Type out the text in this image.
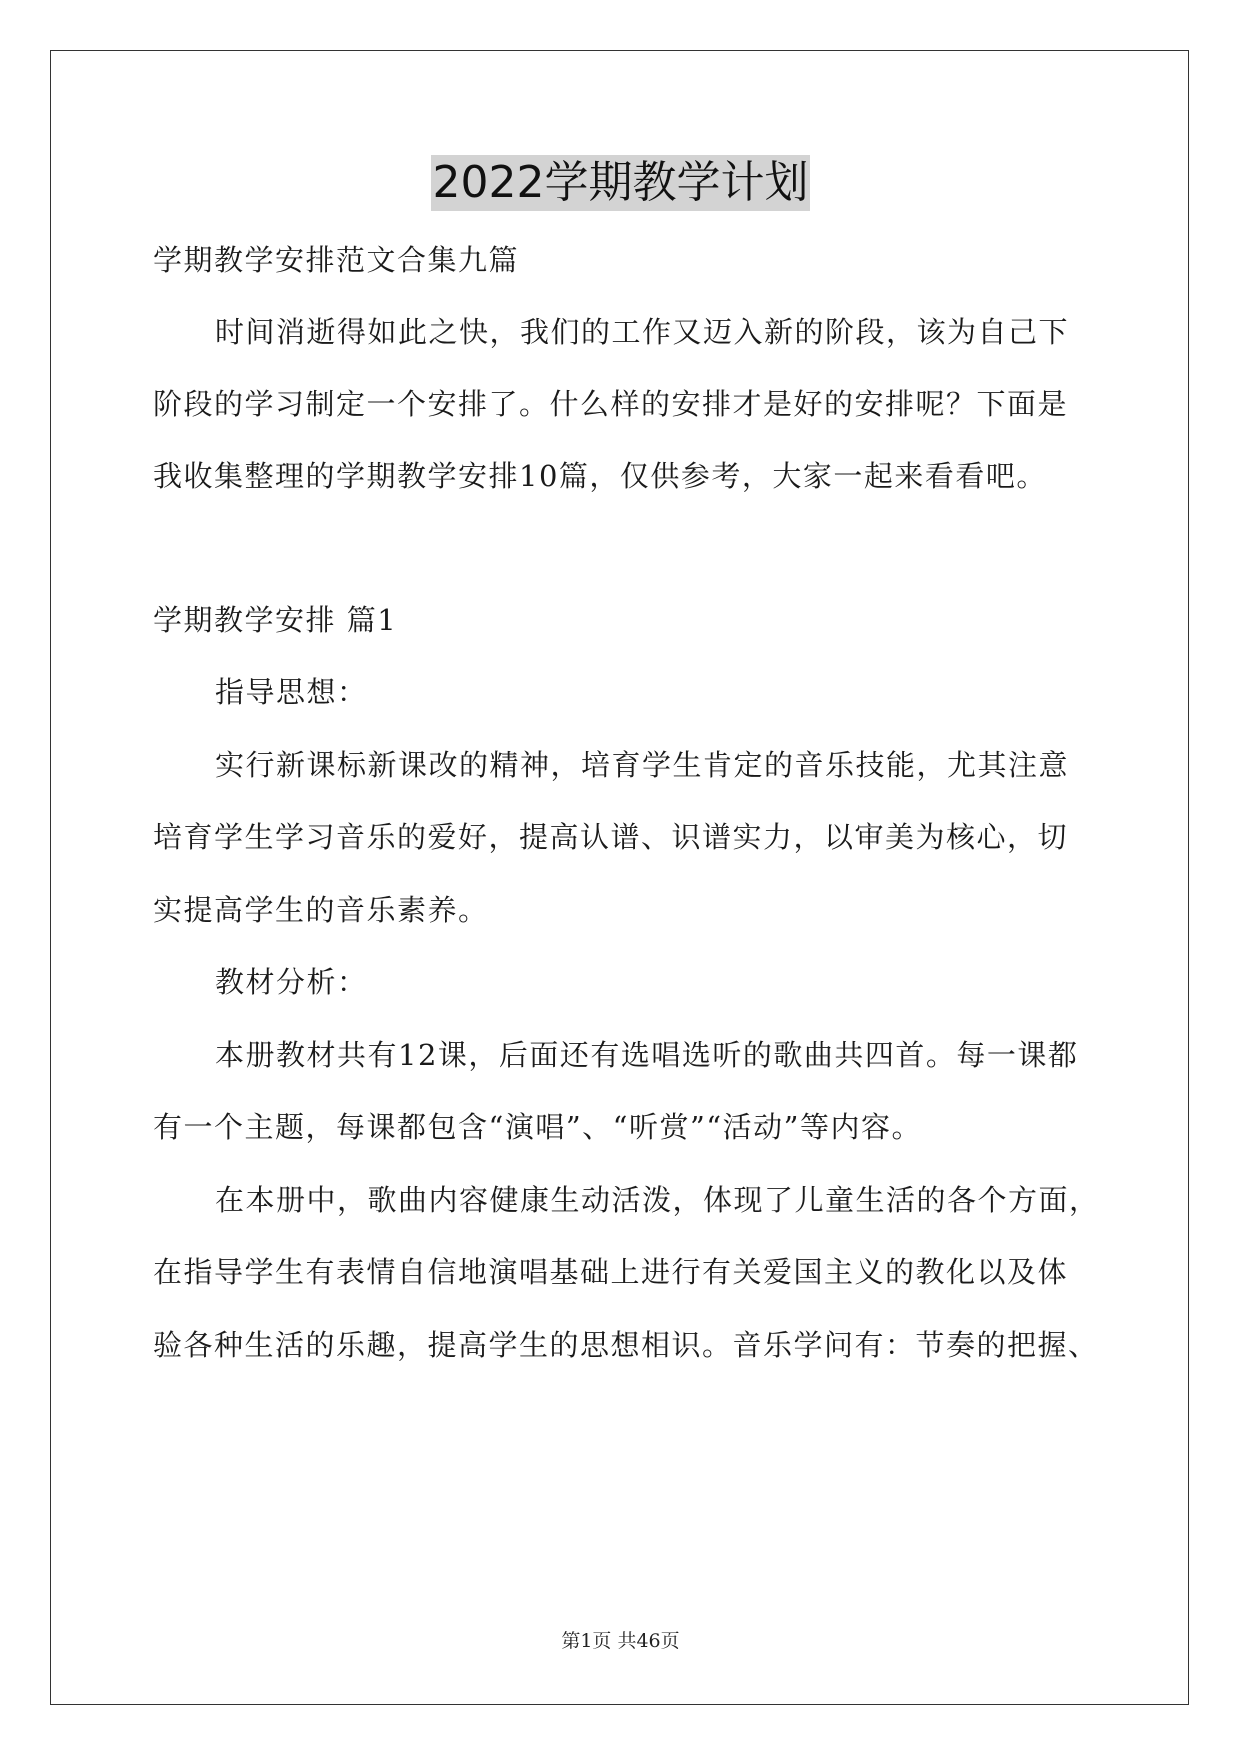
2022学期教学计划
学期教学安排范文合集九篇
时间消逝得如此之快，我们的工作又迈入新的阶段，该为自己下
阶段的学习制定一个安排了。什么样的安排才是好的安排呢？下面是
我收集整理的学期教学安排10篇，仅供参考，大家一起来看看吧。
学期教学安排 篇1
指导思想：
实行新课标新课改的精神，培育学生肯定的音乐技能，尤其注意
培育学生学习音乐的爱好，提高认谱、识谱实力，以审美为核心，切
实提高学生的音乐素养。
教材分析：
本册教材共有12课，后面还有选唱选听的歌曲共四首。每一课都
有一个主题，每课都包含“演唱”、“听赏”“活动”等内容。
在本册中，歌曲内容健康生动活泼，体现了儿童生活的各个方面，
在指导学生有表情自信地演唱基础上进行有关爱国主义的教化以及体
验各种生活的乐趣，提高学生的思想相识。音乐学问有：节奏的把握、
第1页 共46页
